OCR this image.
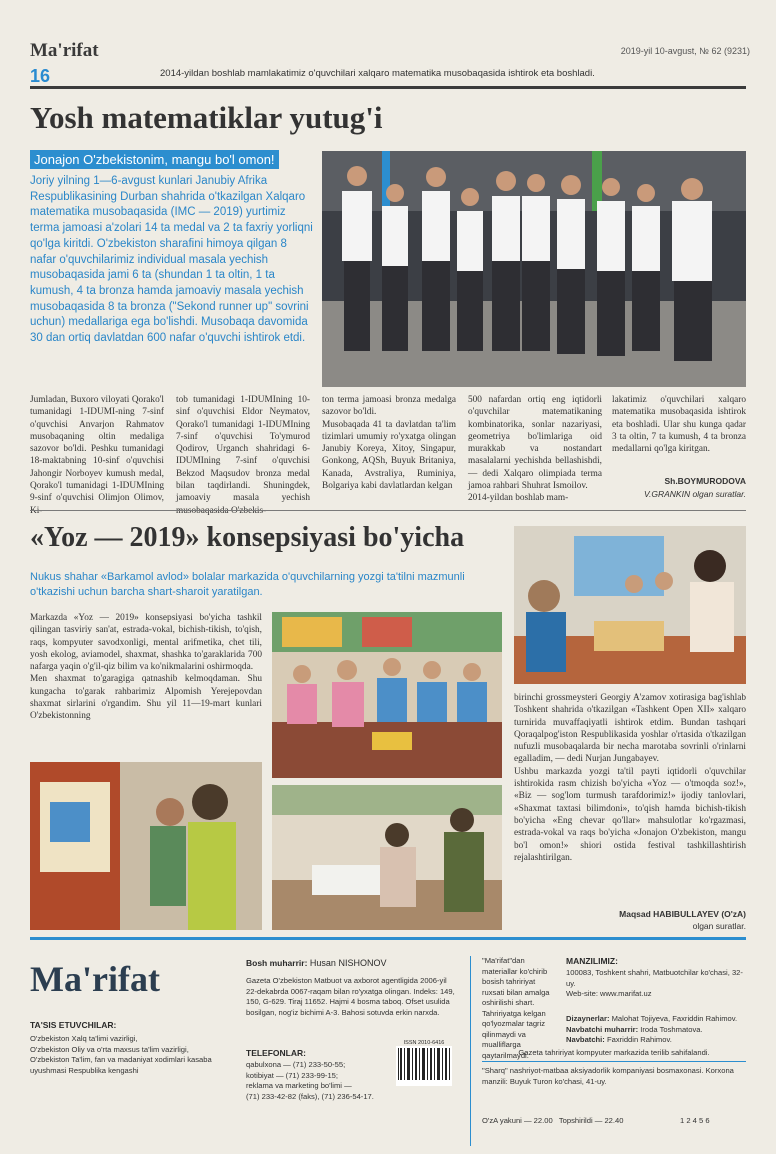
Ma'rifat	2019-yil 10-avgust, № 62 (9231)
16	2014-yildan boshlab mamlakatimiz o'quvchilari xalqaro matematika musobaqasida ishtirok eta boshladi.
Yosh matematiklar yutug'i
Jonajon O'zbekistonim, mangu bo'l omon!
Joriy yilning 1—6-avgust kunlari Janubiy Afrika Respublikasining Durban shahrida o'tkazilgan Xalqaro matematika musobaqasida (IMC — 2019) yurtimiz terma jamoasi a'zolari 14 ta medal va 2 ta faxriy yorliqni qo'lga kiritdi. O'zbekiston sharafini himoya qilgan 8 nafar o'quvchilarimiz individual masala yechish musobaqasida jami 6 ta (shundan 1 ta oltin, 1 ta kumush, 4 ta bronza hamda jamoaviy masala yechish musobaqasida 8 ta bronza ("Sekond runner up" sovrini uchun) medallariga ega bo'lishdi. Musobaqa davomida 30 dan ortiq davlatdan 600 nafar o'quvchi ishtirok etdi.
Jumladan, Buxoro viloyati Qorako'l tumanidagi 1-IDUMI-ning 7-sinf o'quvchisi Anvarjon Rahmatov musobaqaning oltin medaliga sazovor bo'ldi. Peshku tumanidagi 18-maktabning 10-sinf o'quvchisi Jahongir Norboyev kumush medal, Qorako'l tumanidagi 1-IDUMIning 9-sinf o'quvchisi Olimjon Olimov,
tob tumanidagi 1-IDUMIning 10-sinf o'quvchisi Eldor Neymatov, Qorako'l tumanidagi 1-IDUMIning 7-sinf o'quvchisi To'ymurod Qodirov, Urganch shahridagi 6-IDUMIning 7-sinf o'quvchisi Bekzod Maqsudov bronza medal bilan taqdirlandi. Shuningdek, jamoaviy masala yechish
ton terma jamoasi bronza medalga sazovor bo'ldi.
Musobaqada 41 ta davlatdan ta'lim tizimlari umumiy ro'yxatga olingan Janubiy Koreya, Xitoy, Singapur, Gonkong, AQSh, Buyuk Britaniya, Kanada, Avstraliya, Ruminiya, Bolgariya kabi davlatlardan kelgan
500 nafardan ortiq eng iqtidorli o'quvchilar matematikaning kombinatorika, sonlar nazariyasi, geometriya bo'limlariga oid murakkab va nostandart masalalarni yechishda bellashishdi, — dedi Xalqaro olimpiada terma jamoa rahbari Shuhrat Ismoilov.
2014-yildan boshlab mam-
lakatimiz o'quvchilari xalqaro matematika musobaqasida ishtirok eta boshladi. Ular shu kunga qadar 3 ta oltin, 7 ta kumush, 4 ta bronza medallarni qo'lga kiritgan.
Sh.BOYMURODOVA
V.GRANKIN olgan suratlar.
«Yoz — 2019» konsepsiyasi bo'yicha
Nukus shahar «Barkamol avlod» bolalar markazida o'quvchilarning yozgi ta'tilni mazmunli o'tkazishi uchun barcha shart-sharoit yaratilgan.
Markazda «Yoz — 2019» konsepsiyasi bo'yicha tashkil qilingan tasviriy san'at, estrada-vokal, bichish-tikish, to'qish, raqs, kompyuter savodxonligi, mental arifmetika, chet tili, yosh ekolog, aviamodel, shaxmat, shashka to'garaklarida 700 nafarga yaqin o'g'il-qiz bilim va ko'nikmalarini oshirmoqda.
Men shaxmat to'garagiga qatnashib kelmoqdaman. Shu kungacha to'garak rahbarimiz Alpomish Yerejepovdan shaxmat sirlarini o'rgandim. Shu yil 11—19-mart kunlari O'zbekistonning
birinchi grossmeysteri Georgiy A'zamov xotirasiga bag'ishlab Toshkent shahrida o'tkazilgan «Tashkent Open XII» xalqaro turnirida muvaffaqiyatli ishtirok etdim. Bundan tashqari Qoraqalpog'iston Respublikasida yoshlar o'rtasida o'tkazilgan nufuzli musobaqalarda bir necha marotaba sovrinli o'rinlarni egalladim, — dedi Nurjan Jungabayev.
Ushbu markazda yozgi ta'til payti iqtidorli o'quvchilar ishtirokida rasm chizish bo'yicha «Yoz — o'tmoqda soz!», «Biz — sog'lom turmush tarafdorimiz!» ijodiy tanlovlari, «Shaxmat taxtasi bilimdoni», to'qish hamda bichish-tikish bo'yicha «Eng chevar qo'llar» mahsulotlar ko'rgazmasi, estrada-vokal va raqs bo'yicha «Jonajon O'zbekiston, mangu bo'l omon!» shiori ostida festival tashkillashtirish rejalashtirilgan.
Maqsad HABIBULLAYEV (O'zA)
olgan suratlar.
Ma'rifat
TA'SIS ETUVCHILAR:
O'zbekiston Xalq ta'limi vazirligi,
O'zbekiston Oliy va o'rta maxsus ta'lim vazirligi,
O'zbekiston Ta'lim, fan va madaniyat xodimlari kasaba uyushmasi Respublika kengashi
Bosh muharrir: Husan NISHONOV
Gazeta O'zbekiston Matbuot va axborot agentligida 2006-yil 22-dekabrda 0067-raqam bilan ro'yxatga olingan. Indeks: 149, 150, G-629. Tiraj 11652. Hajmi 4 bosma taboq. Ofset usulida bosilgan, nog'iz bichimi A-3. Bahosi sotuvda erkin narxda.
TELEFONLAR:
qabulxona — (71) 233-50-55;
kotibiyat — (71) 233-99-15;
reklama va marketing bo'limi —
(71) 233-42-82 (faks), (71) 236-54-17.
ISSN 2010-6416
"Ma'rifat"dan materiallar ko'chirib bosish tahririyat ruxsati bilan amalga oshirilishi shart.
Tahririyatga kelgan qo'lyozmalar tagriz qilinmaydi va mualliflarga qaytarilmaydi.
MANZILIMIZ:
100083, Toshkent shahri, Matbuotchilar ko'chasi, 32-uy.
Web-site: www.marifat.uz
Dizaynerlar: Malohat Tojiyeva, Faxriddin Rahimov.
Navbatchi muharrir: Iroda Toshmatova.
Navbatchi: Faxriddin Rahimov.
Gazeta tahririyat kompyuter markazida terilib sahifalandi.
"Sharq" nashriyot-matbaa aksiyadorlik kompaniyasi bosmaxonasi. Korxona manzili: Buyuk Turon ko'chasi, 41-uy.
O'zA yakuni — 22.00   Topshirildi — 22.40	1 2 4 5 6
